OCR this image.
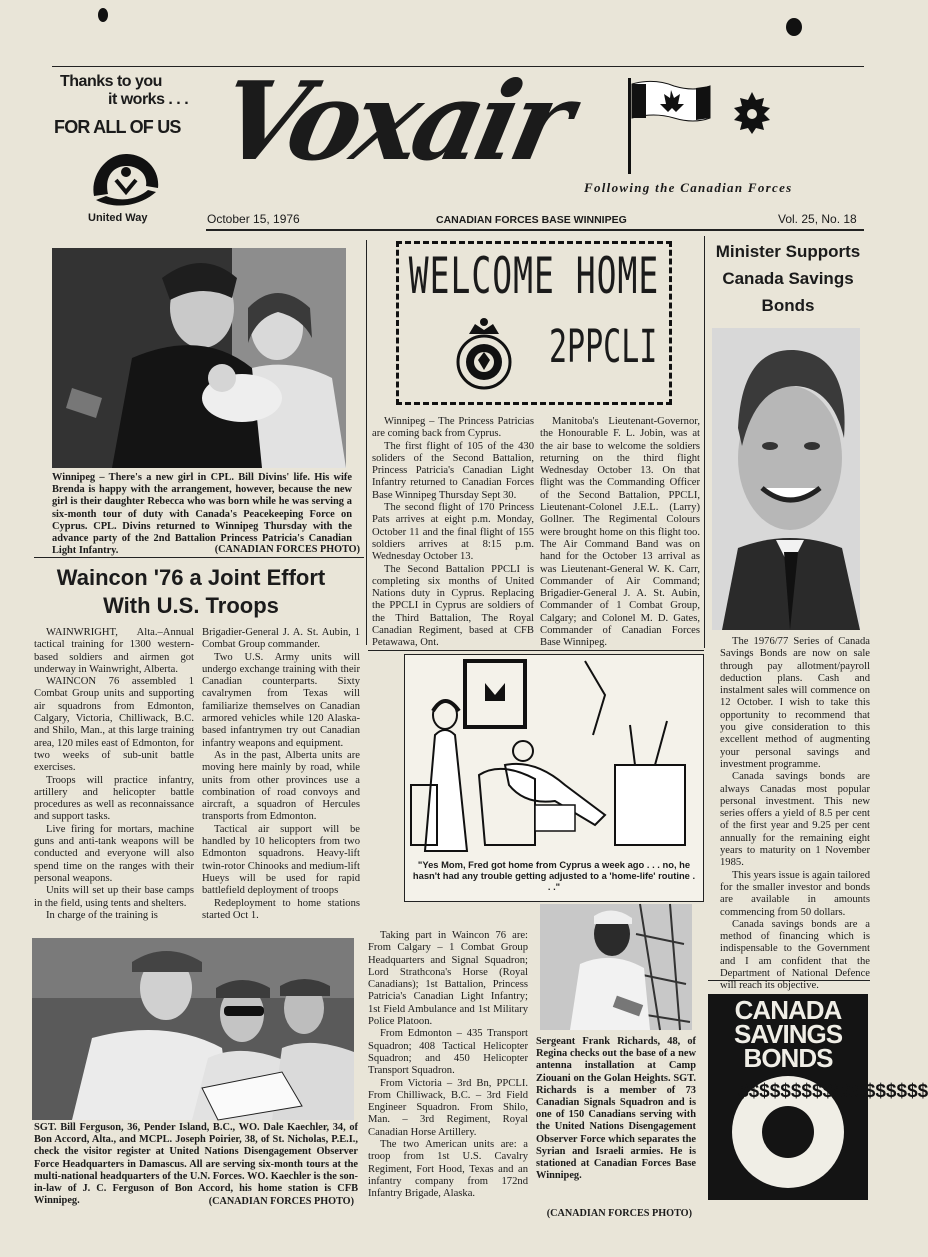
Thanks to you
it works . . .
FOR ALL OF US
United Way
Voxair
Following the Canadian Forces
October 15, 1976	CANADIAN FORCES BASE WINNIPEG	Vol. 25, No. 18
Winnipeg – There's a new girl in CPL. Bill Divins' life. His wife Brenda is happy with the arrangement, however, because the new girl is their daughter Rebecca who was born while he was serving a six-month tour of duty with Canada's Peacekeeping Force on Cyprus. CPL. Divins returned to Winnipeg Thursday with the advance party of the 2nd Battalion Princess Patricia's Canadian Light Infantry.	(CANADIAN FORCES PHOTO)
Waincon '76 a Joint Effort With U.S. Troops
WELCOME HOME
2PPCLI

Winnipeg – The Princess Patricias are coming back from Cyprus.

The first flight of 105 of the 430 soliders of the Second Battalion, Princess Patricia's Canadian Light Infantry returned to Canadian Forces Base Winnipeg Thursday Sept 30.

The second flight of 170 Princess Pats arrives at eight p.m. Monday, October 11 and the final flight of 155 soldiers arrives at 8:15 p.m. Wednesday October 13.

The Second Battalion PPCLI is completing six months of United Nations duty in Cyprus. Replacing the PPCLI in Cyprus are soldiers of the Third Battalion, The Royal Canadian Regiment, based at CFB Petawawa, Ont.

Manitoba's Lieutenant-Governor, the Honourable F. L. Jobin, was at the air base to welcome the soldiers returning on the third flight Wednesday October 13. On that flight was the Commanding Officer of the Second Battalion, PPCLI, Lieutenant-Colonel J.E.L. (Larry) Gollner. The Regimental Colours were brought home on this flight too. The Air Command Band was on hand for the October 13 arrival as was Lieutenant-General W. K. Carr, Commander of Air Command; Brigadier-General J. A. St. Aubin, Commander of 1 Combat Group, Calgary; and Colonel M. D. Gates, Commander of Canadian Forces Base Winnipeg.

Minister Supports Canada Savings Bonds

The 1976/77 Series of Canada Savings Bonds are now on sale through pay allotment/payroll deduction plans. Cash and instalment sales will commence on 12 October. I wish to take this opportunity to recommend that you give consideration to this excellent method of augmenting your personal savings and investment programme.

Canada savings bonds are always Canadas most popular personal investment. This new series offers a yield of 8.5 per cent of the first year and 9.25 per cent annually for the remaining eight years to maturity on 1 November 1985.

This years issue is again tailored for the smaller investor and bonds are available in amounts commencing from 50 dollars.

Canada savings bonds are a method of financing which is indispensable to the Government and I am confident that the Department of National Defence will reach its objective.

CANADA
SAVINGS
BONDS
$$$$$$$$$$$$$$$$$$

WAINWRIGHT, Alta.–Annual tactical training for 1300 western-based soldiers and airmen got underway in Wainwright, Alberta.

WAINCON 76 assembled 1 Combat Group units and supporting air squadrons from Edmonton, Calgary, Victoria, Chilliwack, B.C. and Shilo, Man., at this large training area, 120 miles east of Edmonton, for two weeks of sub-unit battle exercises.

Troops will practice infantry, artillery and helicopter battle procedures as well as reconnaissance and support tasks.

Live firing for mortars, machine guns and anti-tank weapons will be conducted and everyone will also spend time on the ranges with their personal weapons.

Units will set up their base camps in the field, using tents and shelters.

In charge of the training is

Brigadier-General J. A. St. Aubin, 1 Combat Group commander.

Two U.S. Army units will undergo exchange training with their Canadian counterparts. Sixty cavalrymen from Texas will familiarize themselves on Canadian armored vehicles while 120 Alaska-based infantrymen try out Canadian infantry weapons and equipment.

As in the past, Alberta units are moving here mainly by road, while units from other provinces use a combination of road convoys and aircraft, a squadron of Hercules transports from Edmonton.

Tactical air support will be handled by 10 helicopters from two Edmonton squadrons. Heavy-lift twin-rotor Chinooks and medium-lift Hueys will be used for rapid battlefield deployment of troops

Redeployment to home stations started Oct 1.

Taking part in Waincon 76 are: From Calgary – 1 Combat Group Headquarters and Signal Squadron; Lord Strathcona's Horse (Royal Canadians); 1st Battalion, Princess Patricia's Canadian Light Infantry; 1st Field Ambulance and 1st Military Police Platoon.

From Edmonton – 435 Transport Squadron; 408 Tactical Helicopter Squadron; and 450 Helicopter Transport Squadron.

From Victoria – 3rd Bn, PPCLI. From Chilliwack, B.C. – 3rd Field Engineer Squadron. From Shilo, Man. – 3rd Regiment, Royal Canadian Horse Artillery.

The two American units are: a troop from 1st U.S. Cavalry Regiment, Fort Hood, Texas and an infantry company from 172nd Infantry Brigade, Alaska.

"Yes Mom, Fred got home from Cyprus a week ago . . . no, he hasn't had any trouble getting adjusted to a 'home-life' routine . . ."
SGT. Bill Ferguson, 36, Pender Island, B.C., WO. Dale Kaechler, 34, of Bon Accord, Alta., and MCPL. Joseph Poirier, 38, of St. Nicholas, P.E.I., check the visitor register at United Nations Disengagement Observer Force Headquarters in Damascus. All are serving six-month tours at the multi-national headquarters of the U.N. Forces. WO. Kaechler is the son-in-law of J. C. Ferguson of Bon Accord, his home station is CFB Winnipeg.	(CANADIAN FORCES PHOTO)
Sergeant Frank Richards, 48, of Regina checks out the base of a new antenna installation at Camp Ziouani on the Golan Heights. SGT. Richards is a member of 73 Canadian Signals Squadron and is one of 150 Canadians serving with the United Nations Disengagement Observer Force which separates the Syrian and Israeli armies. He is stationed at Canadian Forces Base Winnipeg.
(CANADIAN FORCES PHOTO)
